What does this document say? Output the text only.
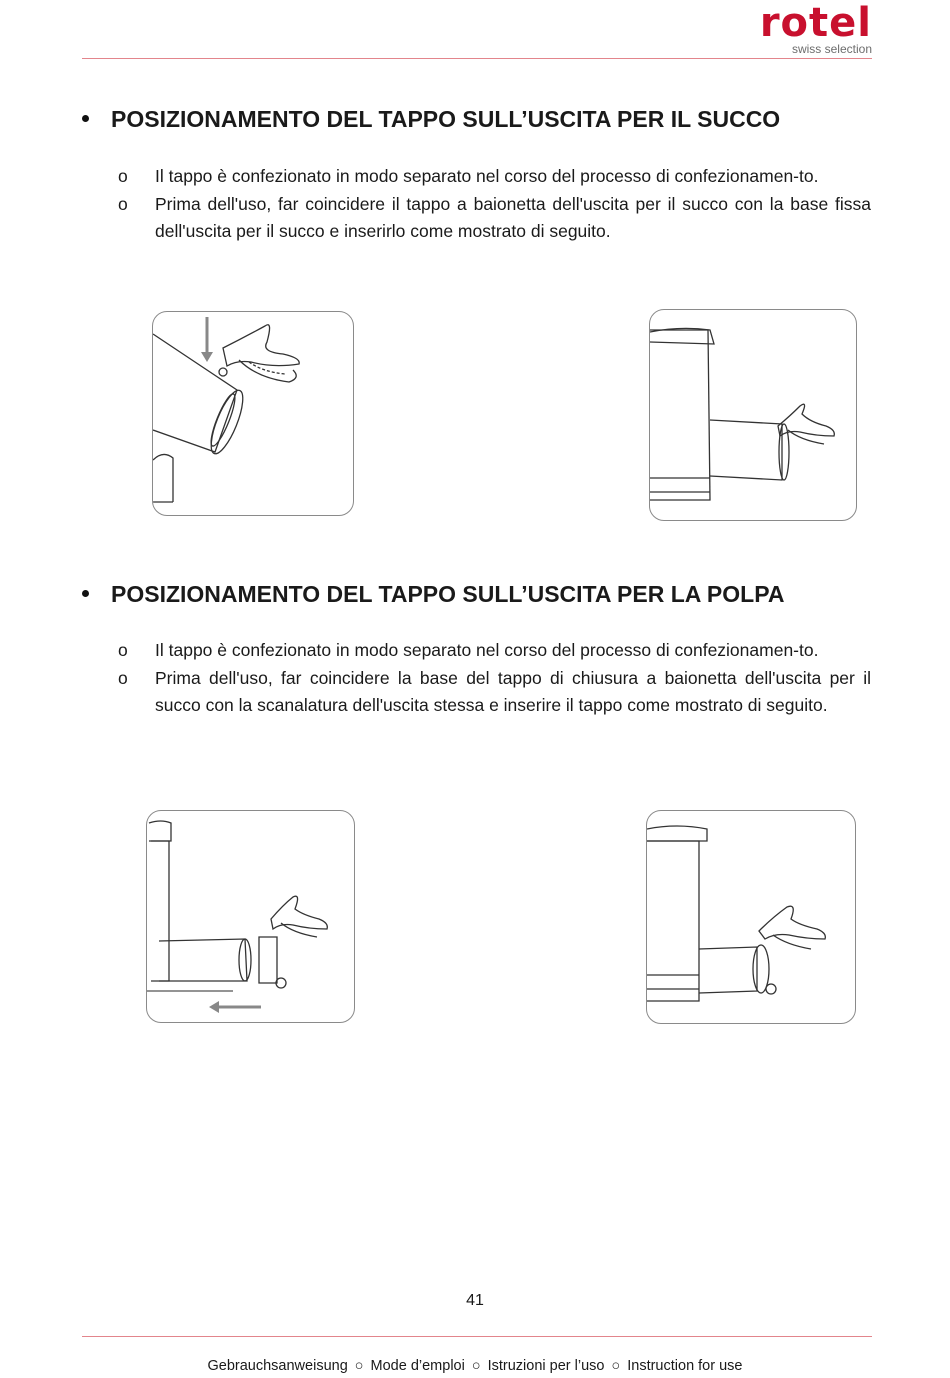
rotel
swiss selection
POSIZIONAMENTO DEL TAPPO SULL’USCITA PER IL SUCCO
o Il tappo è confezionato in modo separato nel corso del processo di confezionamen-to.
o Prima dell'uso, far coincidere il tappo a baionetta dell'uscita per il succo con la base fissa dell'uscita per il succo e inserirlo come mostrato di seguito.
POSIZIONAMENTO DEL TAPPO SULL’USCITA PER LA POLPA
o Il tappo è confezionato in modo separato nel corso del processo di confezionamen-to.
o Prima dell'uso, far coincidere la base del tappo di chiusura a baionetta dell'uscita per il succo con la scanalatura dell'uscita stessa e inserire il tappo come mostrato di seguito.
41
Gebrauchsanweisung ○ Mode d’emploi ○ Istruzioni per l’uso ○ Instruction for use
